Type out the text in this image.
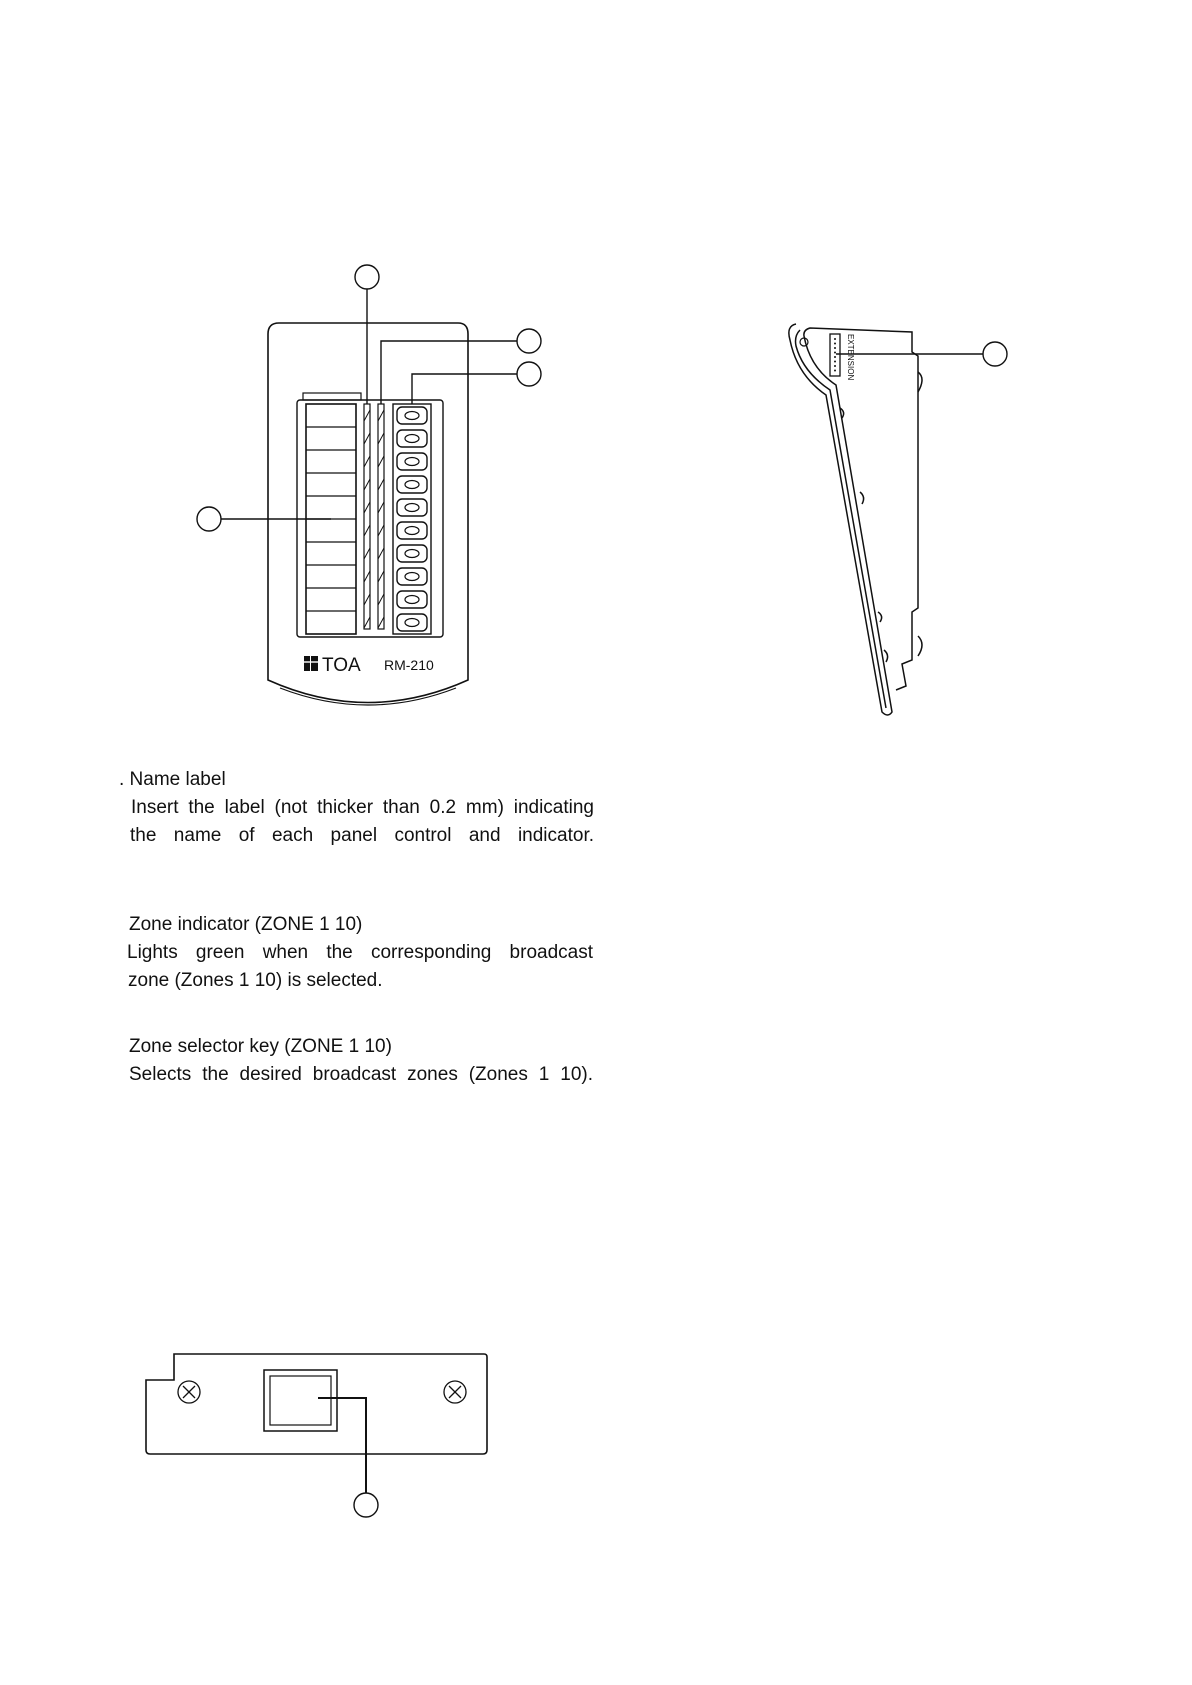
TOA RM-210
EXTENSION
. Name label
Insert the label (not thicker than 0.2 mm) indicating
the name of each panel control and indicator.
Zone indicator (ZONE 1 10)
Lights green when the corresponding broadcast
zone (Zones 1 10) is selected.
Zone selector key (ZONE 1 10)
Selects the desired broadcast zones (Zones 1 10).
